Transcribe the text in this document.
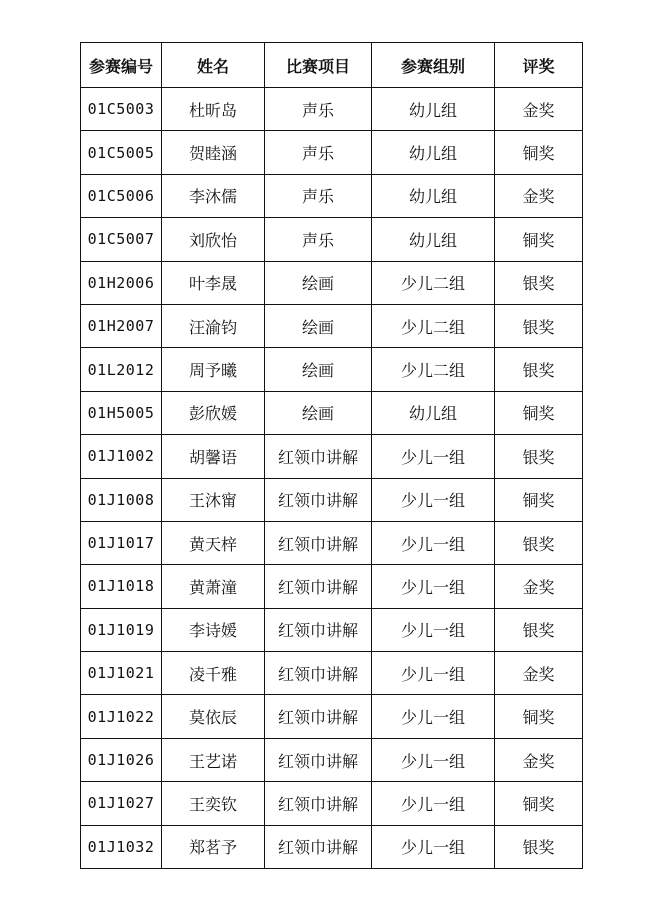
参赛编号	姓名	比赛项目	参赛组别	评奖
01C5003	杜昕岛	声乐	幼儿组	金奖
01C5005	贺睦涵	声乐	幼儿组	铜奖
01C5006	李沐儒	声乐	幼儿组	金奖
01C5007	刘欣怡	声乐	幼儿组	铜奖
01H2006	叶李晟	绘画	少儿二组	银奖
01H2007	汪渝钧	绘画	少儿二组	银奖
01L2012	周予曦	绘画	少儿二组	银奖
01H5005	彭欣媛	绘画	幼儿组	铜奖
01J1002	胡馨语	红领巾讲解	少儿一组	银奖
01J1008	王沐甯	红领巾讲解	少儿一组	铜奖
01J1017	黄天梓	红领巾讲解	少儿一组	银奖
01J1018	黄萧潼	红领巾讲解	少儿一组	金奖
01J1019	李诗媛	红领巾讲解	少儿一组	银奖
01J1021	凌千雅	红领巾讲解	少儿一组	金奖
01J1022	莫依辰	红领巾讲解	少儿一组	铜奖
01J1026	王艺诺	红领巾讲解	少儿一组	金奖
01J1027	王奕钦	红领巾讲解	少儿一组	铜奖
01J1032	郑茗予	红领巾讲解	少儿一组	银奖
